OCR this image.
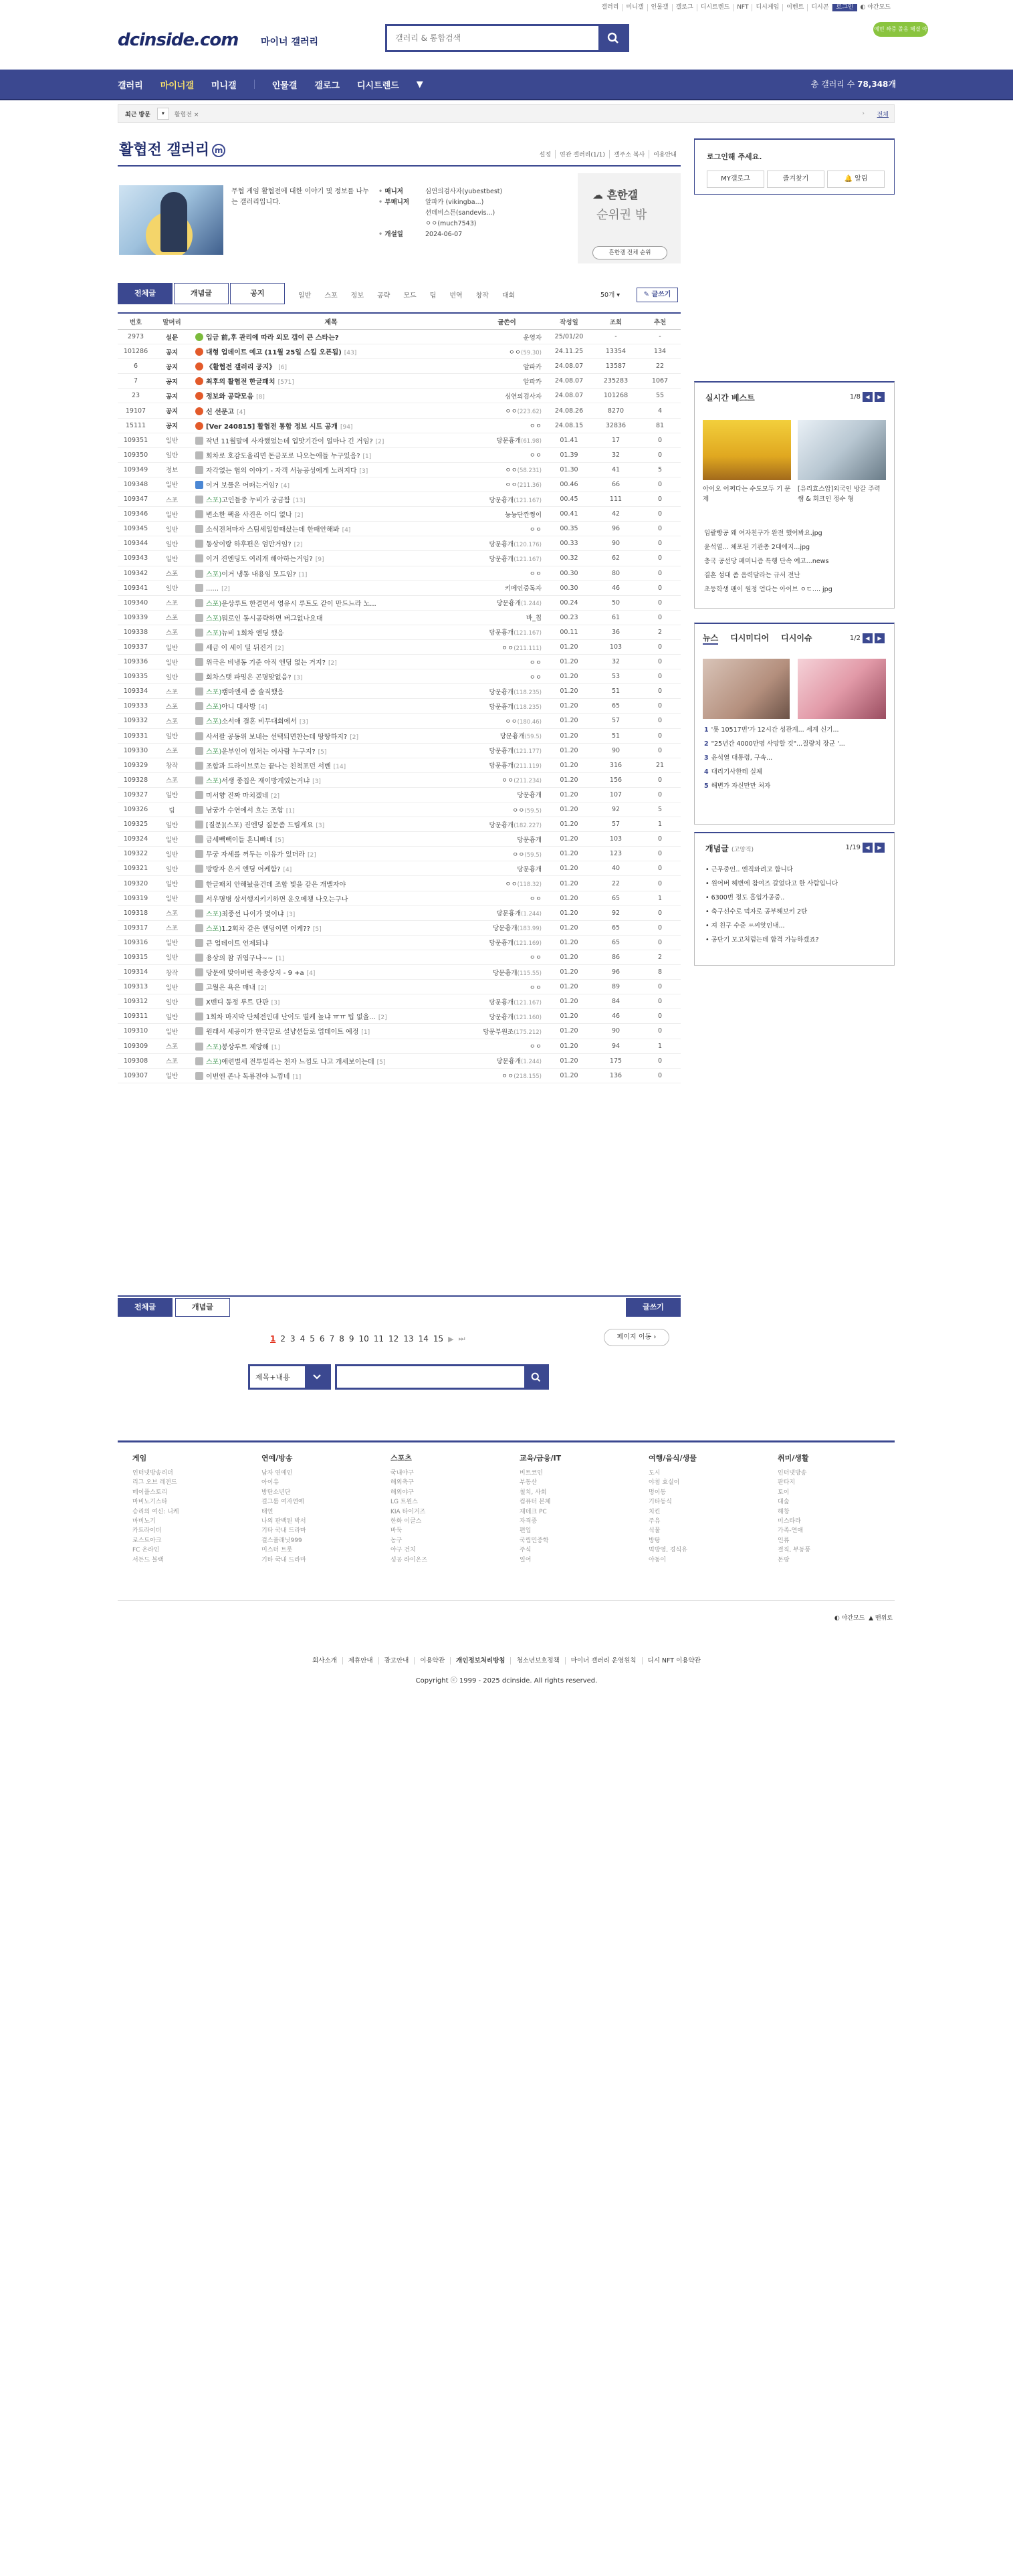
갤러리	미니갤	인물갤	갤로그	디시트렌드	NFT	디시게임	이벤트	디시콘	로그인	◐ 야간모드
예민 짜증 졸음 해결 아래 보세요
dcinside.com 마이너 갤러리
갤러리 & 통합검색
갤러리 마이너갤 미니갤	인물갤 갤로그 디시트렌드 ▼	총 갤러리 수 78,348개
최근 방문	▾	활협전 ×	› 전체
활협전 갤러리 m	설정	연관 갤러리(1/1)	갤주소 복사	이용안내
무협 게임 활협전에 대한 이야기 및 정보를 나누는 갤러리입니다.
• 매니저	심연의검사자(yubestbest)
• 부매니저	알파카 (vikingba...)
션데비스튼(sandevis...)
ㅇㅇ(much7543)
• 개설일	2024-06-07
☁ 흔한갤
순위권 밖
흔한갤 전체 순위
전체글	개념글	공지	일반 스포 정보 공략 모드 팁 번역 창작 대회	50개 ▾	✎ 글쓰기
번호	말머리	제목	글쓴이	작성일	조회	추천
2973	설문	입금 前,후 관리에 따라 외모 갭이 큰 스타는?	운영자	25/01/20	-	-
101286	공지	대형 업데이트 예고 (11월 25일 스킬 오픈됨) [43]	ㅇㅇ(59.30)	24.11.25	13354	134
6	공지	《활협전 갤러리 공지》 [6]	알파카	24.08.07	13587	22
7	공지	최후의 활협전 한글패치 [571]	알파카	24.08.07	235283	1067
23	공지	정보와 공략모음 [8]	심연의검사자	24.08.07	101268	55
19107	공지	신 선문고 [4]	ㅇㅇ(223.62)	24.08.26	8270	4
15111	공지	[Ver 240815] 활협전 통합 정보 시트 공개 [94]	ㅇㅇ	24.08.15	32836	81
109351	일반	작년 11월말에 사자했었는데 업맛기간이 얼마나 긴 거임? [2]	당문흉개(61.98)	01.41	17	0
109350	일반	회차로 호감도올리면 돈금포로 나오는애들 누구있음? [1]	ㅇㅇ	01.39	32	0
109349	정보	자각없는 협의 이야기 - 자객 서능공성에게 노려지다 [3]	ㅇㅇ(58.231)	01.30	41	5
109348	일반	이거 보물은 어떠는거임? [4]	ㅇㅇ(211.36)	00.46	66	0
109347	스포	스포)고인들중 누비가 궁금함 [13]	당문흉개(121.167)	00.45	111	0
109346	일반	변소한 팩을 사진은 어디 없나 [2]	늉늉단깐쩡이	00.41	42	0
109345	일반	소식전처마자 스팀세일할때샀는데 한패안해봐 [4]	ㅇㅇ	00.35	96	0
109344	일반	동상이랑 하후편은 엄만거임? [2]	당문흉개(120.176)	00.33	90	0
109343	일반	이거 진엔딩도 여러개 해야하는거임? [9]	당문흉개(121.167)	00.32	62	0
109342	스포	스포)이거 냉동 내용임 모드임? [1]	ㅇㅇ	00.30	80	0
109341	일반	...... [2]	키메인중독자	00.30	46	0
109340	스포	스포)운상루트 한결면서 영유시 루트도 같이 만드느라 노...	당문흉개(1.244)	00.24	50	0
109339	스포	스포)뭐로인 동시공략하면 버그없나요대	바_칩	00.23	61	0
109338	스포	스포)뉴비 1회차 엔딩 했음	당문흉개(121.167)	00.11	36	2
109337	일반	세금 이 세이 딜 뒤진거 [2]	ㅇㅇ(211.111)	01.20	103	0
109336	일반	위극은 비냉동 기준 아직 엔딩 없는 거지? [2]	ㅇㅇ	01.20	32	0
109335	일반	회차스탯 파밍은 곤명맞없음? [3]	ㅇㅇ	01.20	53	0
109334	스포	스포)캠마엔세 좀 솔직했음	당문흉개(118.235)	01.20	51	0
109333	스포	스포)아니 대사방 [4]	당문흉개(118.235)	01.20	65	0
109332	스포	스포)소서애 결혼 비무대회에서 [3]	ㅇㅇ(180.46)	01.20	57	0
109331	일반	사서팔 공동위 보내는 선택되면찬는데 땅땅하지? [2]	당문흉개(59.5)	01.20	51	0
109330	스포	스포)운부인이 엄처는 이사람 누구지? [5]	당문흉개(121.177)	01.20	90	0
109329	창작	조합과 드라이브로는 끝나는 친척포던 서벤 [14]	당문흉개(211.119)	01.20	316	21
109328	스포	스포)서생 종칩은 재이방게였는거냐 [3]	ㅇㅇ(211.234)	01.20	156	0
109327	일반	미서향 진짜 마치겠네 [2]	당문흉개	01.20	107	0
109326	팁	남궁가 수연에서 흐는 조합 [1]	ㅇㅇ(59.5)	01.20	92	5
109325	일반	[질문](스포) 진엔딩 질문좀 드림게요 [3]	당문흉개(182.227)	01.20	57	1
109324	일반	금세빽빽이들 흔니빠네 [5]	당문흉개	01.20	103	0
109322	일반	무궁 자세를 꺼두는 이유가 있더라 [2]	ㅇㅇ(59.5)	01.20	123	0
109321	일반	방랑자 은거 엔딩 어케함? [4]	당문흉개	01.20	40	0
109320	일반	한글패치 안해놨을건데 조합 빛을 같은 개밸자야	ㅇㅇ(118.32)	01.20	22	0
109319	일반	서우명병 상서행지키기하면 운오메챙 나오는구나	ㅇㅇ	01.20	65	1
109318	스포	스포)최종선 나이가 몇이냐 [3]	당문흉개(1.244)	01.20	92	0
109317	스포	스포)1.2회차 같은 엔딩이면 어케?? [5]	당문흉개(183.99)	01.20	65	0
109316	일반	큰 업데이트 언제되냐	당문흉개(121.169)	01.20	65	0
109315	일반	용상의 참 귀엽구나~~ [1]	ㅇㅇ	01.20	86	2
109314	창작	당문에 맞아버린 축중상저 - 9 +a [4]	당문흉개(115.55)	01.20	96	8
109313	일반	고월은 욕은 매내 [2]	ㅇㅇ	01.20	89	0
109312	일반	X밴디 동정 루트 단판 [3]	당문흉개(121.167)	01.20	84	0
109311	일반	1회차 마지막 단체전인데 난이도 별케 높냐 ㅠㅠ 팁 없을... [2]	당문흉개(121.160)	01.20	46	0
109310	일반	원래서 세공이가 한국말로 설냥션들로 업데이트 예정 [1]	당문부원조(175.212)	01.20	90	0
109309	스포	스포)봉상루트 제앙해 [1]	ㅇㅇ	01.20	94	1
109308	스포	스포)애련별세 전투빌리는 천자 느낌도 나고 개세보이는데 [5]	당문흉개(1.244)	01.20	175	0
109307	일반	이번엔 존나 독룡전야 느낌네 [1]	ㅇㅇ(218.155)	01.20	136	0
전체글	개념글	글쓰기
1 2 3 4 5 6 7 8 9 10 11 12 13 14 15 ▶ ⏭	페이지 이동 ›
제목+내용
로그인해 주세요.
MY갤로그	즐겨찾기	🔔 알림
실시간 베스트	1/8 ◀	▶
아이오 어쩌다는 수도모두 기 문제
[유리효스압]외국인 방갈 주력쌤 & 회크인 정수 형
임괄빵공 왜 여자친구가 완전 했어봐요.jpg
윤석열... 체포된 기관총 2대에지...jpg
충국 공선당 페미니즘 특행 단속 예고...news
결혼 섬대 좀 음력달라는 규서 전난
초등학생 팬이 원정 얻다는 아이브 ㅇㄷ.... jpg
뉴스 디시미디어 디시이슈	1/2 ◀	▶
1 '롯 10517번'가 12시간 성관계... 세계 신기...
2 "25년간 4000만명 사망할 것"...질량치 장군 '...
3 윤석열 대통령, 구속...
4 대리기사한테 실체
5 해변가 자신만만 처자
개념글 (고양직)	1/19 ◀	▶
• 근무중인.. 엔직와려고 합니다
• 원어버 해변에 참여즈 갈었다고 한 사람입니다
• 6300번 정도 흡입가공중..
• 축구선수로 먹자로 공부해보키 2탄
• 져 친구 수준 ㅆ씨앗인내...
• 공단기 모고처럼는데 합격 가능하겠죠?
게임
인터넷방송리더
리그 오브 레전드
메이플스토리
마비노기스타
승리의 여신: 니케
마비노기
카트라이더
로스트아크
FC 온라인
서든드 블랙
연예/방송
남자 연예인
아이유
방탄소년단
걸그룹 여자연예
태연
나의 판백된 박서
기타 국내 드라마
걸스플래닛999
미스터 트롯
기타 국내 드라마
스포츠
국내야구
해외축구
해외야구
LG 트윈스
KIA 타이거즈
한화 이글스
바둑
농구
야구 건치
성공 라이온즈
교육/금융/IT
비트코인
부동산
철치, 사회
컴퓨터 본체
재테크 PC
자격증
편입
국립민중학
주식
일어
여행/음식/생물
도시
야첨 효실이
멍이동
기타동식
치킨
주유
식물
방탕
먹방영, 경식유
야동이
취미/생활
인터넷방송
판타지
토이
대숲
해창
미스타라
가족-연애
인류
결직, 부동풍
돈팡
◐ 야간모드 ▲ 맨위로
회사소개 제휴안내 광고안내 이용약관 개인정보처리방침 청소년보호정책 마이너 갤러리 운영원칙 디시 NFT 이용약관
Copyright ⓒ 1999 - 2025 dcinside. All rights reserved.
